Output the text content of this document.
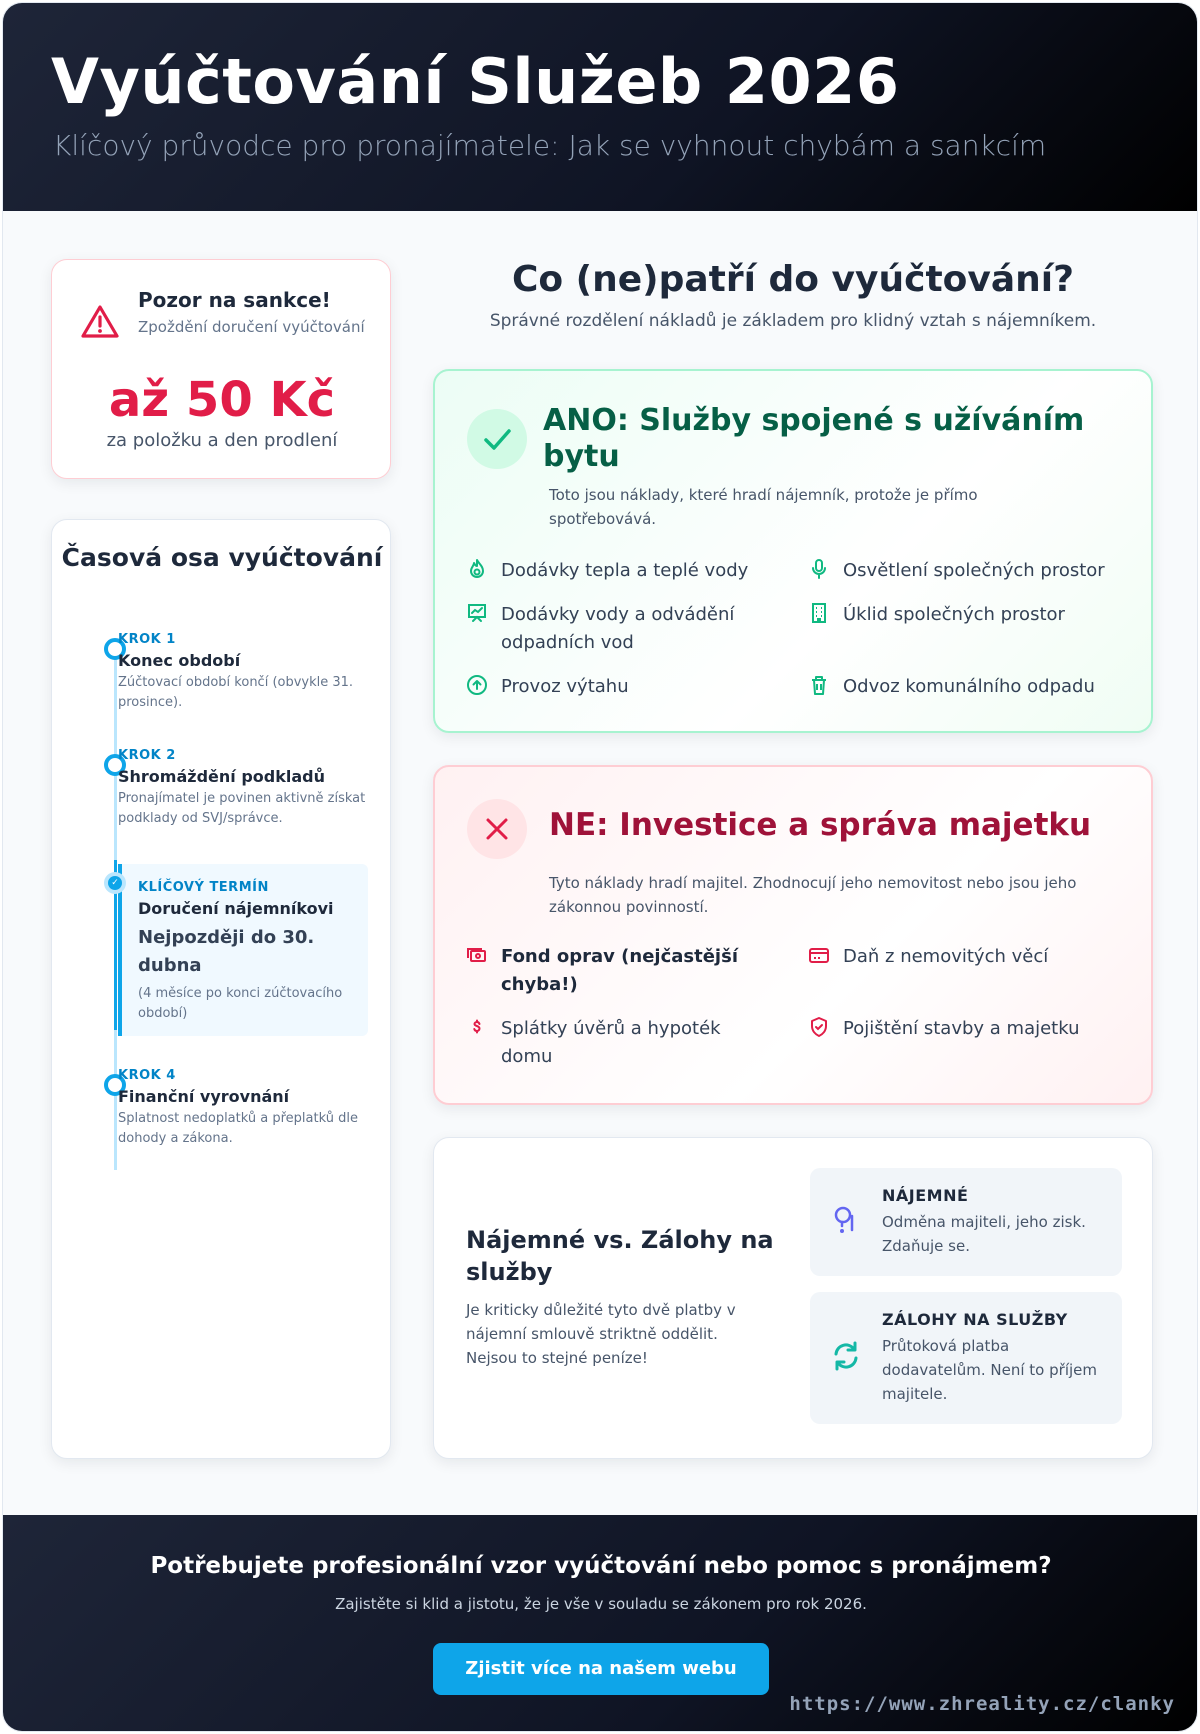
Vyúčtování Služeb 2026
Klíčový průvodce pro pronajímatele: Jak se vyhnout chybám a sankcím
Pozor na sankce!
Zpoždění doručení vyúčtování
až 50 Kč
za položku a den prodlení
Časová osa vyúčtování
KROK 1
Konec období
Zúčtovací období končí (obvykle 31. prosince).
KROK 2
Shromáždění podkladů
Pronajímatel je povinen aktivně získat podklady od SVJ/správce.
KLÍČOVÝ TERMÍN
Doručení nájemníkovi
Nejpozději do 30. dubna
(4 měsíce po konci zúčtovacího období)
✓
KROK 4
Finanční vyrovnání
Splatnost nedoplatků a přeplatků dle dohody a zákona.
Co (ne)patří do vyúčtování?
Správné rozdělení nákladů je základem pro klidný vztah s nájemníkem.
ANO: Služby spojené s užíváním bytu
Toto jsou náklady, které hradí nájemník, protože je přímo spotřebovává.
Dodávky tepla a teplé vody	Osvětlení společných prostor
Dodávky vody a odvádění odpadních vod
Úklid společných prostor
Provoz výtahu	Odvoz komunálního odpadu
NE: Investice a správa majetku
Tyto náklady hradí majitel. Zhodnocují jeho nemovitost nebo jsou jeho zákonnou povinností.
Fond oprav (nejčastější chyba!)
Daň z nemovitých věcí
Splátky úvěrů a hypoték domu
Pojištění stavby a majetku
Nájemné vs. Zálohy na služby
Je kriticky důležité tyto dvě platby v nájemní smlouvě striktně oddělit. Nejsou to stejné peníze!
NÁJEMNÉ
Odměna majiteli, jeho zisk. Zdaňuje se.
ZÁLOHY NA SLUŽBY
Průtoková platba dodavatelům. Není to příjem majitele.
Potřebujete profesionální vzor vyúčtování nebo pomoc s pronájmem?
Zajistěte si klid a jistotu, že je vše v souladu se zákonem pro rok 2026.
Zjistit více na našem webu
https://www.zhreality.cz/clanky
